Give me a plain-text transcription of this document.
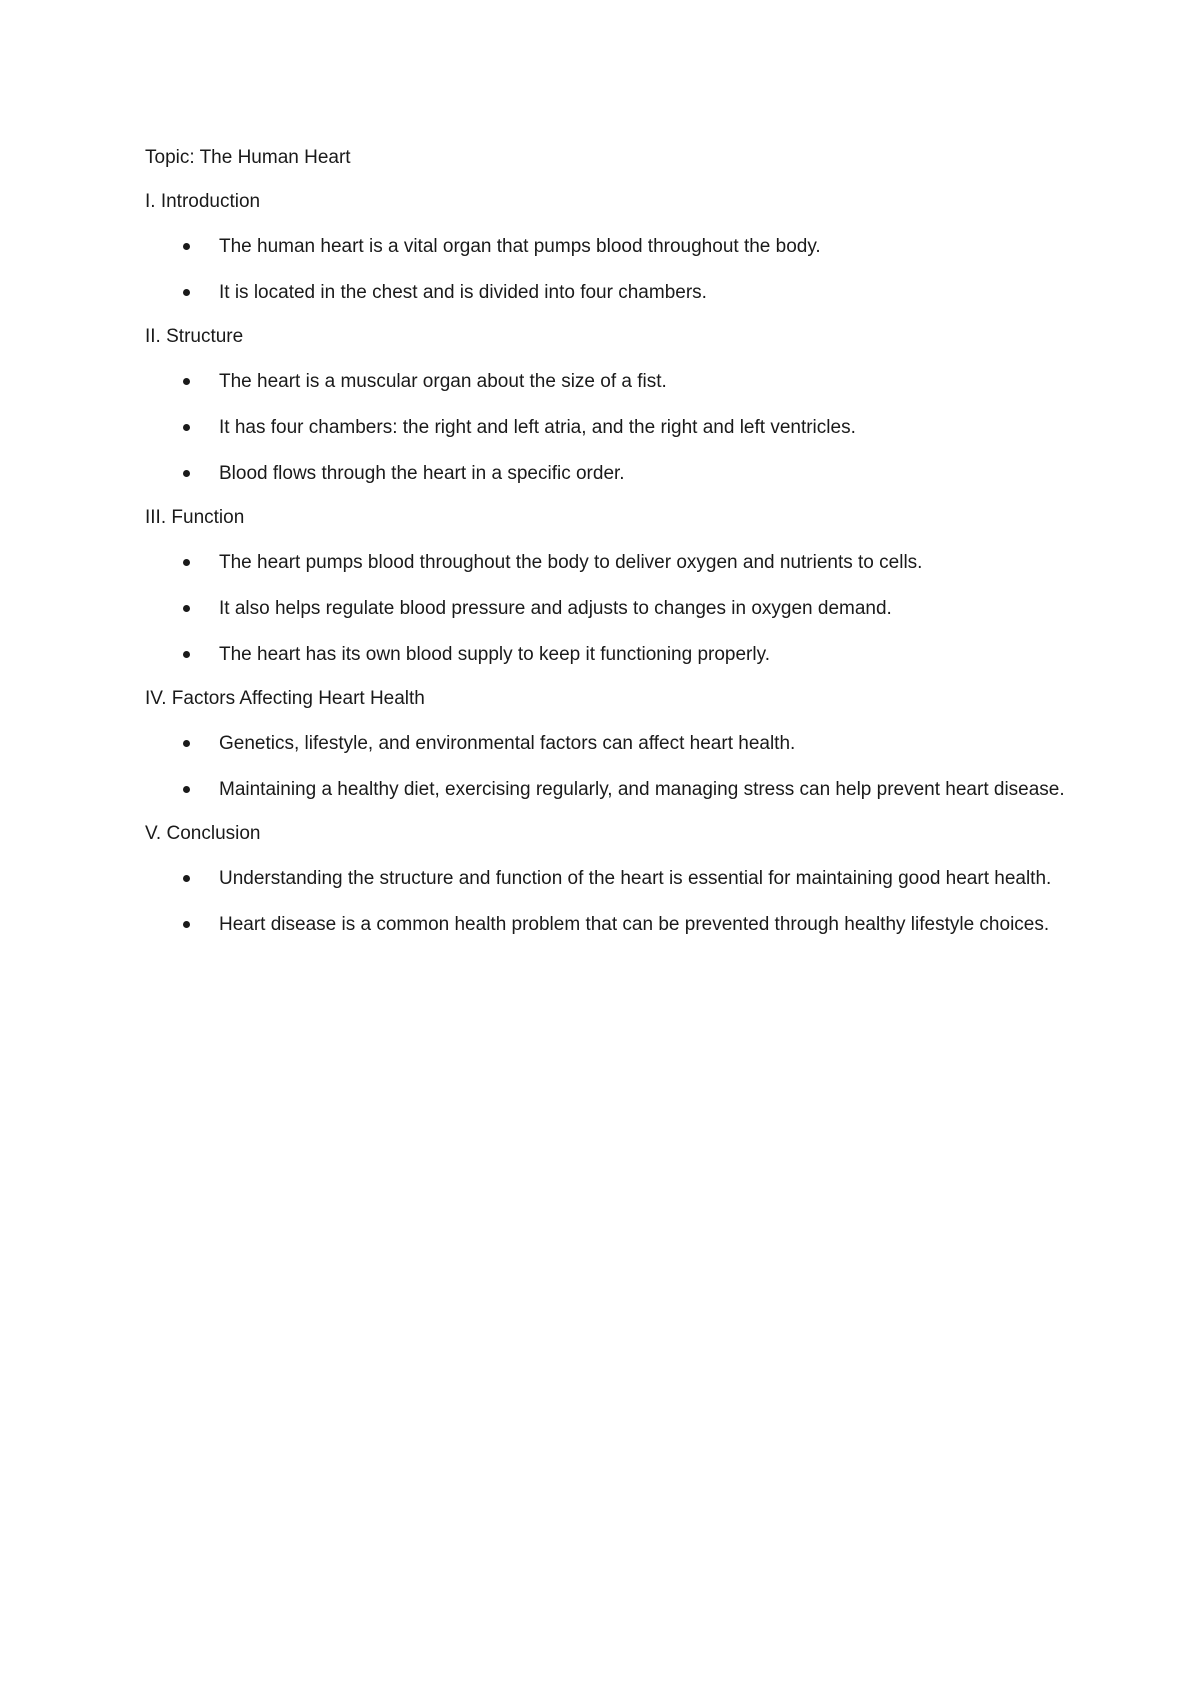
Topic: The Human Heart

I. Introduction

The human heart is a vital organ that pumps blood throughout the body.
It is located in the chest and is divided into four chambers.

II. Structure

The heart is a muscular organ about the size of a fist.
It has four chambers: the right and left atria, and the right and left ventricles.
Blood flows through the heart in a specific order.

III. Function

The heart pumps blood throughout the body to deliver oxygen and nutrients to cells.
It also helps regulate blood pressure and adjusts to changes in oxygen demand.
The heart has its own blood supply to keep it functioning properly.

IV. Factors Affecting Heart Health

Genetics, lifestyle, and environmental factors can affect heart health.
Maintaining a healthy diet, exercising regularly, and managing stress can help prevent heart disease.

V. Conclusion

Understanding the structure and function of the heart is essential for maintaining good heart health.
Heart disease is a common health problem that can be prevented through healthy lifestyle choices.
